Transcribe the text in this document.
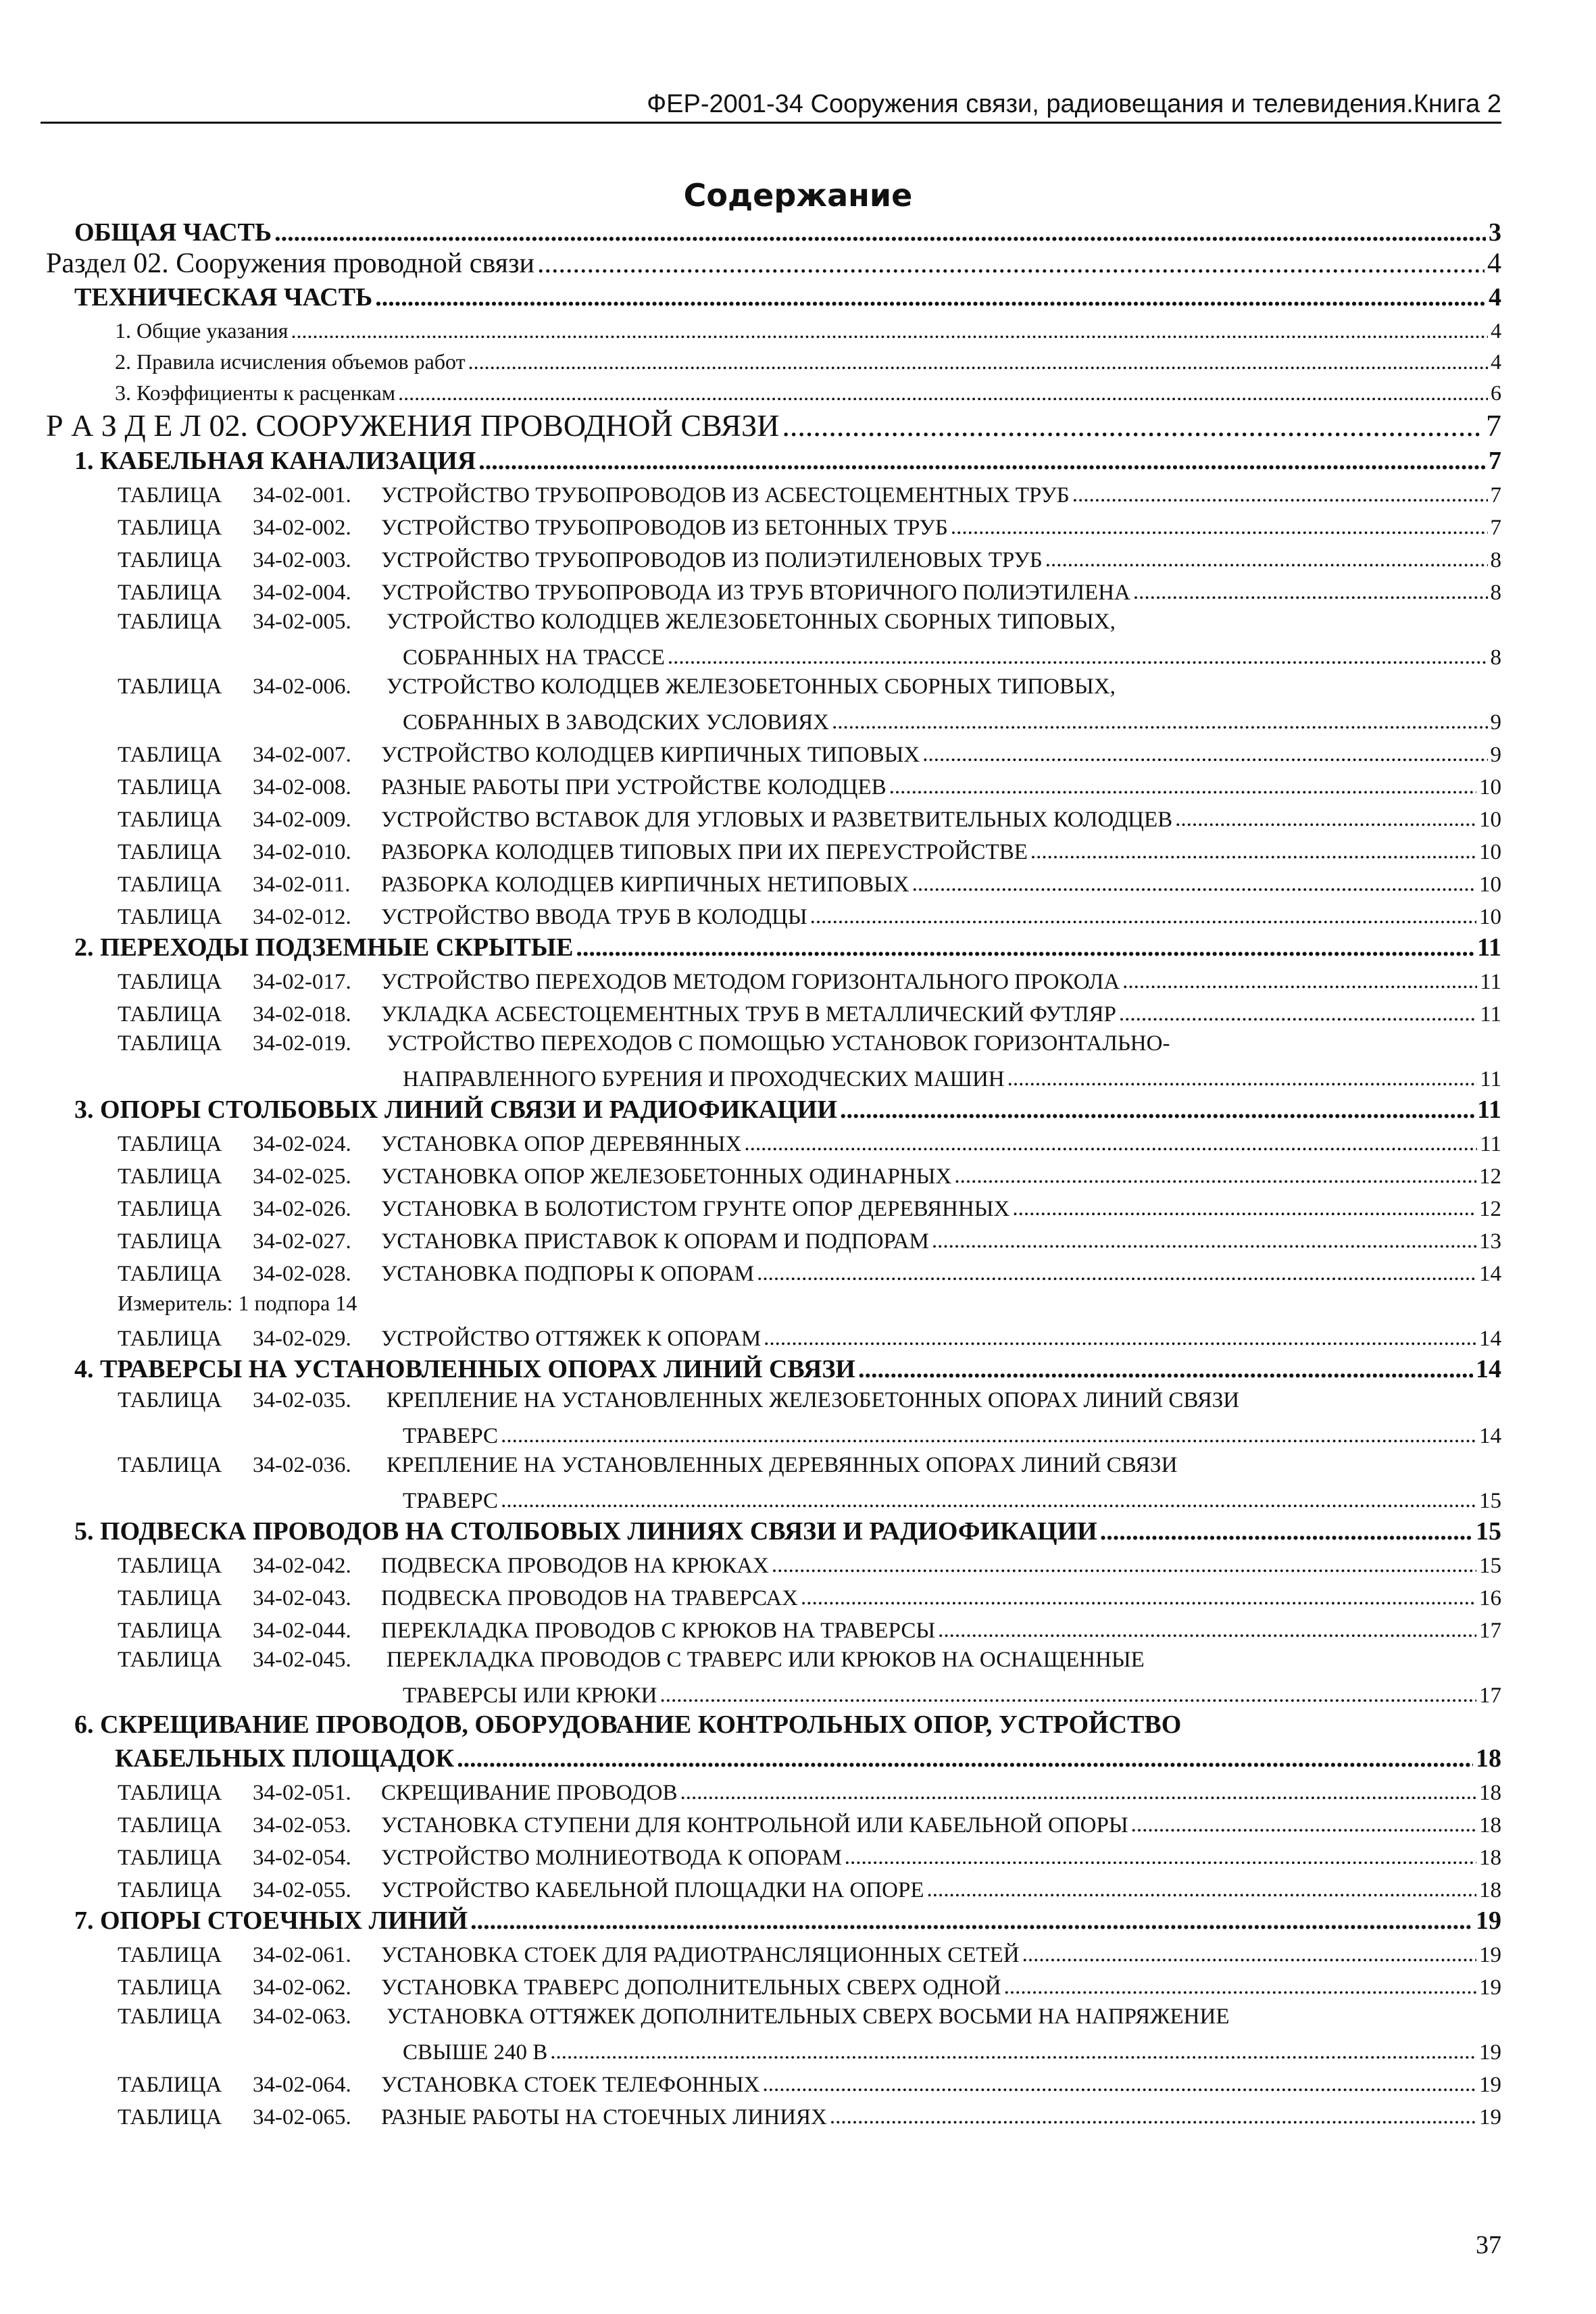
ФЕР-2001-34 Сооружения связи, радиовещания и телевидения.Книга 2
Содержание
ОБЩАЯ ЧАСТЬ .....	3
Раздел 02. Сооружения проводной связи .....	4
ТЕХНИЧЕСКАЯ ЧАСТЬ .....	4
1. Общие указания .....	4
2. Правила исчисления объемов работ .....	4
3. Коэффициенты к расценкам .....	6
Р А З Д Е Л 02. СООРУЖЕНИЯ ПРОВОДНОЙ СВЯЗИ .....	7
1. КАБЕЛЬНАЯ КАНАЛИЗАЦИЯ .....	7
ТАБЛИЦА 34-02-001. УСТРОЙСТВО ТРУБОПРОВОДОВ ИЗ АСБЕСТОЦЕМЕНТНЫХ ТРУБ .....	7
ТАБЛИЦА 34-02-002. УСТРОЙСТВО ТРУБОПРОВОДОВ ИЗ БЕТОННЫХ ТРУБ .....	7
ТАБЛИЦА 34-02-003. УСТРОЙСТВО ТРУБОПРОВОДОВ ИЗ ПОЛИЭТИЛЕНОВЫХ ТРУБ .....	8
ТАБЛИЦА 34-02-004. УСТРОЙСТВО ТРУБОПРОВОДА ИЗ ТРУБ ВТОРИЧНОГО ПОЛИЭТИЛЕНА .....	8
ТАБЛИЦА 34-02-005. УСТРОЙСТВО КОЛОДЦЕВ ЖЕЛЕЗОБЕТОННЫХ СБОРНЫХ ТИПОВЫХ,
СОБРАННЫХ НА ТРАССЕ .....	8
ТАБЛИЦА 34-02-006. УСТРОЙСТВО КОЛОДЦЕВ ЖЕЛЕЗОБЕТОННЫХ СБОРНЫХ ТИПОВЫХ,
СОБРАННЫХ В ЗАВОДСКИХ УСЛОВИЯХ .....	9
ТАБЛИЦА 34-02-007. УСТРОЙСТВО КОЛОДЦЕВ КИРПИЧНЫХ ТИПОВЫХ .....	9
ТАБЛИЦА 34-02-008. РАЗНЫЕ РАБОТЫ ПРИ УСТРОЙСТВЕ КОЛОДЦЕВ .....	10
ТАБЛИЦА 34-02-009. УСТРОЙСТВО ВСТАВОК ДЛЯ УГЛОВЫХ И РАЗВЕТВИТЕЛЬНЫХ КОЛОДЦЕВ .....	10
ТАБЛИЦА 34-02-010. РАЗБОРКА КОЛОДЦЕВ ТИПОВЫХ ПРИ ИХ ПЕРЕУСТРОЙСТВЕ .....	10
ТАБЛИЦА 34-02-011. РАЗБОРКА КОЛОДЦЕВ КИРПИЧНЫХ НЕТИПОВЫХ .....	10
ТАБЛИЦА 34-02-012. УСТРОЙСТВО ВВОДА ТРУБ В КОЛОДЦЫ .....	10
2. ПЕРЕХОДЫ ПОДЗЕМНЫЕ СКРЫТЫЕ .....	11
ТАБЛИЦА 34-02-017. УСТРОЙСТВО ПЕРЕХОДОВ МЕТОДОМ ГОРИЗОНТАЛЬНОГО ПРОКОЛА .....	11
ТАБЛИЦА 34-02-018. УКЛАДКА АСБЕСТОЦЕМЕНТНЫХ ТРУБ В МЕТАЛЛИЧЕСКИЙ ФУТЛЯР .....	11
ТАБЛИЦА 34-02-019. УСТРОЙСТВО ПЕРЕХОДОВ С ПОМОЩЬЮ УСТАНОВОК ГОРИЗОНТАЛЬНО-
НАПРАВЛЕННОГО БУРЕНИЯ И ПРОХОДЧЕСКИХ МАШИН .....	11
3. ОПОРЫ СТОЛБОВЫХ ЛИНИЙ СВЯЗИ И РАДИОФИКАЦИИ .....	11
ТАБЛИЦА 34-02-024. УСТАНОВКА ОПОР ДЕРЕВЯННЫХ .....	11
ТАБЛИЦА 34-02-025. УСТАНОВКА ОПОР ЖЕЛЕЗОБЕТОННЫХ ОДИНАРНЫХ .....	12
ТАБЛИЦА 34-02-026. УСТАНОВКА В БОЛОТИСТОМ ГРУНТЕ ОПОР ДЕРЕВЯННЫХ .....	12
ТАБЛИЦА 34-02-027. УСТАНОВКА ПРИСТАВОК К ОПОРАМ И ПОДПОРАМ .....	13
ТАБЛИЦА 34-02-028. УСТАНОВКА ПОДПОРЫ К ОПОРАМ .....	14
Измеритель: 1 подпора 14
ТАБЛИЦА 34-02-029. УСТРОЙСТВО ОТТЯЖЕК К ОПОРАМ .....	14
4. ТРАВЕРСЫ НА УСТАНОВЛЕННЫХ ОПОРАХ ЛИНИЙ СВЯЗИ .....	14
ТАБЛИЦА 34-02-035. КРЕПЛЕНИЕ НА УСТАНОВЛЕННЫХ ЖЕЛЕЗОБЕТОННЫХ ОПОРАХ ЛИНИЙ СВЯЗИ
ТРАВЕРС .....	14
ТАБЛИЦА 34-02-036. КРЕПЛЕНИЕ НА УСТАНОВЛЕННЫХ ДЕРЕВЯННЫХ ОПОРАХ ЛИНИЙ СВЯЗИ
ТРАВЕРС .....	15
5. ПОДВЕСКА ПРОВОДОВ НА СТОЛБОВЫХ ЛИНИЯХ СВЯЗИ И РАДИОФИКАЦИИ .....	15
ТАБЛИЦА 34-02-042. ПОДВЕСКА ПРОВОДОВ НА КРЮКАХ .....	15
ТАБЛИЦА 34-02-043. ПОДВЕСКА ПРОВОДОВ НА ТРАВЕРСАХ .....	16
ТАБЛИЦА 34-02-044. ПЕРЕКЛАДКА ПРОВОДОВ С КРЮКОВ НА ТРАВЕРСЫ .....	17
ТАБЛИЦА 34-02-045. ПЕРЕКЛАДКА ПРОВОДОВ С ТРАВЕРС ИЛИ КРЮКОВ НА ОСНАЩЕННЫЕ
ТРАВЕРСЫ ИЛИ КРЮКИ .....	17
6. СКРЕЩИВАНИЕ ПРОВОДОВ, ОБОРУДОВАНИЕ КОНТРОЛЬНЫХ ОПОР, УСТРОЙСТВО
КАБЕЛЬНЫХ ПЛОЩАДОК .....	18
ТАБЛИЦА 34-02-051. СКРЕЩИВАНИЕ ПРОВОДОВ .....	18
ТАБЛИЦА 34-02-053. УСТАНОВКА СТУПЕНИ ДЛЯ КОНТРОЛЬНОЙ ИЛИ КАБЕЛЬНОЙ ОПОРЫ .....	18
ТАБЛИЦА 34-02-054. УСТРОЙСТВО МОЛНИЕОТВОДА К ОПОРАМ .....	18
ТАБЛИЦА 34-02-055. УСТРОЙСТВО КАБЕЛЬНОЙ ПЛОЩАДКИ НА ОПОРЕ .....	18
7. ОПОРЫ СТОЕЧНЫХ ЛИНИЙ .....	19
ТАБЛИЦА 34-02-061. УСТАНОВКА СТОЕК ДЛЯ РАДИОТРАНСЛЯЦИОННЫХ СЕТЕЙ .....	19
ТАБЛИЦА 34-02-062. УСТАНОВКА ТРАВЕРС ДОПОЛНИТЕЛЬНЫХ СВЕРХ ОДНОЙ .....	19
ТАБЛИЦА 34-02-063. УСТАНОВКА ОТТЯЖЕК ДОПОЛНИТЕЛЬНЫХ СВЕРХ ВОСЬМИ НА НАПРЯЖЕНИЕ
СВЫШЕ 240 В .....	19
ТАБЛИЦА 34-02-064. УСТАНОВКА СТОЕК ТЕЛЕФОННЫХ .....	19
ТАБЛИЦА 34-02-065. РАЗНЫЕ РАБОТЫ НА СТОЕЧНЫХ ЛИНИЯХ .....	19
37
